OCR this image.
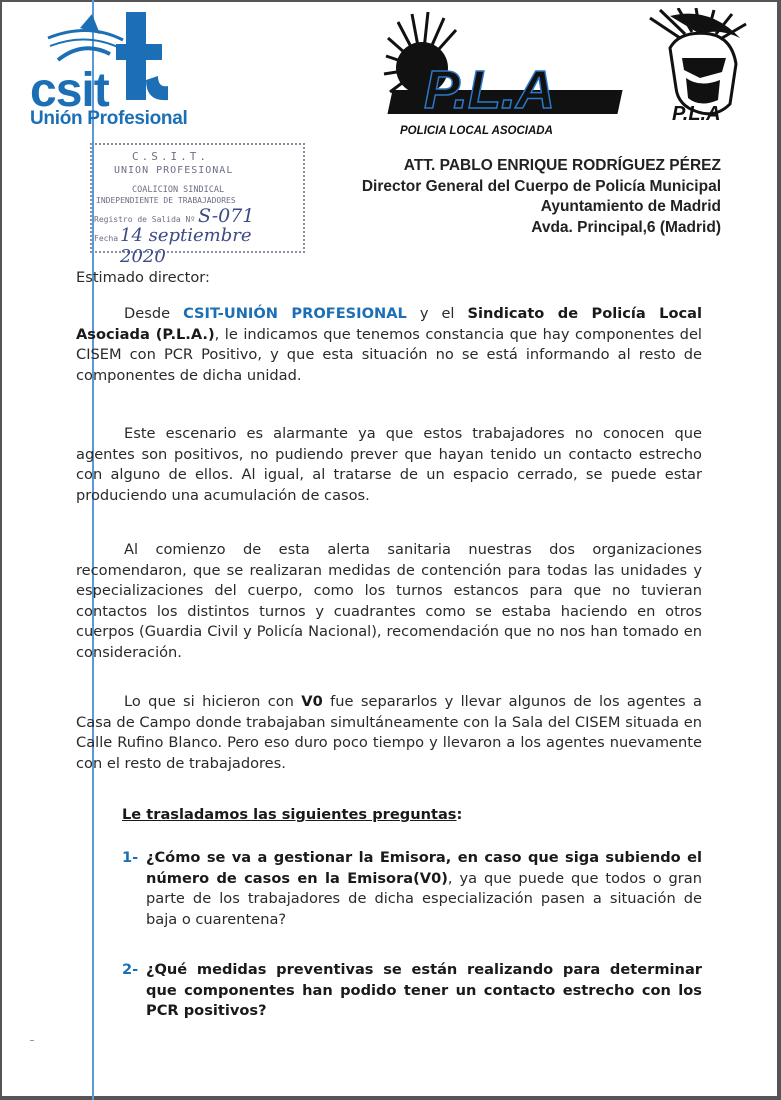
csit
Unión Profesional	P.L.A
POLICIA LOCAL ASOCIADA
P.L.A
C.S.I.T.
UNION PROFESIONAL
COALICION SINDICAL
INDEPENDIENTE DE TRABAJADORES
Registro de Salida Nº S-071
Fecha 14 septiembre 2020
ATT. PABLO ENRIQUE RODRÍGUEZ PÉREZ
Director General del Cuerpo de Policía Municipal
Ayuntamiento de Madrid
Avda. Principal,6 (Madrid)
Estimado director:
Desde CSIT-UNIÓN PROFESIONAL y el Sindicato de Policía Local Asociada (P.L.A.), le indicamos que tenemos constancia que hay componentes del CISEM con PCR Positivo, y que esta situación no se está informando al resto de componentes de dicha unidad.
Este escenario es alarmante ya que estos trabajadores no conocen que agentes son positivos, no pudiendo prever que hayan tenido un contacto estrecho con alguno de ellos. Al igual, al tratarse de un espacio cerrado, se puede estar produciendo una acumulación de casos.
Al comienzo de esta alerta sanitaria nuestras dos organizaciones recomendaron, que se realizaran medidas de contención para todas las unidades y especializaciones del cuerpo, como los turnos estancos para que no tuvieran contactos los distintos turnos y cuadrantes como se estaba haciendo en otros cuerpos (Guardia Civil y Policía Nacional), recomendación que no nos han tomado en consideración.
Lo que si hicieron con V0 fue separarlos y llevar algunos de los agentes a Casa de Campo donde trabajaban simultáneamente con la Sala del CISEM situada en Calle Rufino Blanco. Pero eso duro poco tiempo y llevaron a los agentes nuevamente con el resto de trabajadores.
Le trasladamos las siguientes preguntas:
1- ¿Cómo se va a gestionar la Emisora, en caso que siga subiendo el número de casos en la Emisora(V0), ya que puede que todos o gran parte de los trabajadores de dicha especialización pasen a situación de baja o cuarentena?
2- ¿Qué medidas preventivas se están realizando para determinar que componentes han podido tener un contacto estrecho con los PCR positivos?
